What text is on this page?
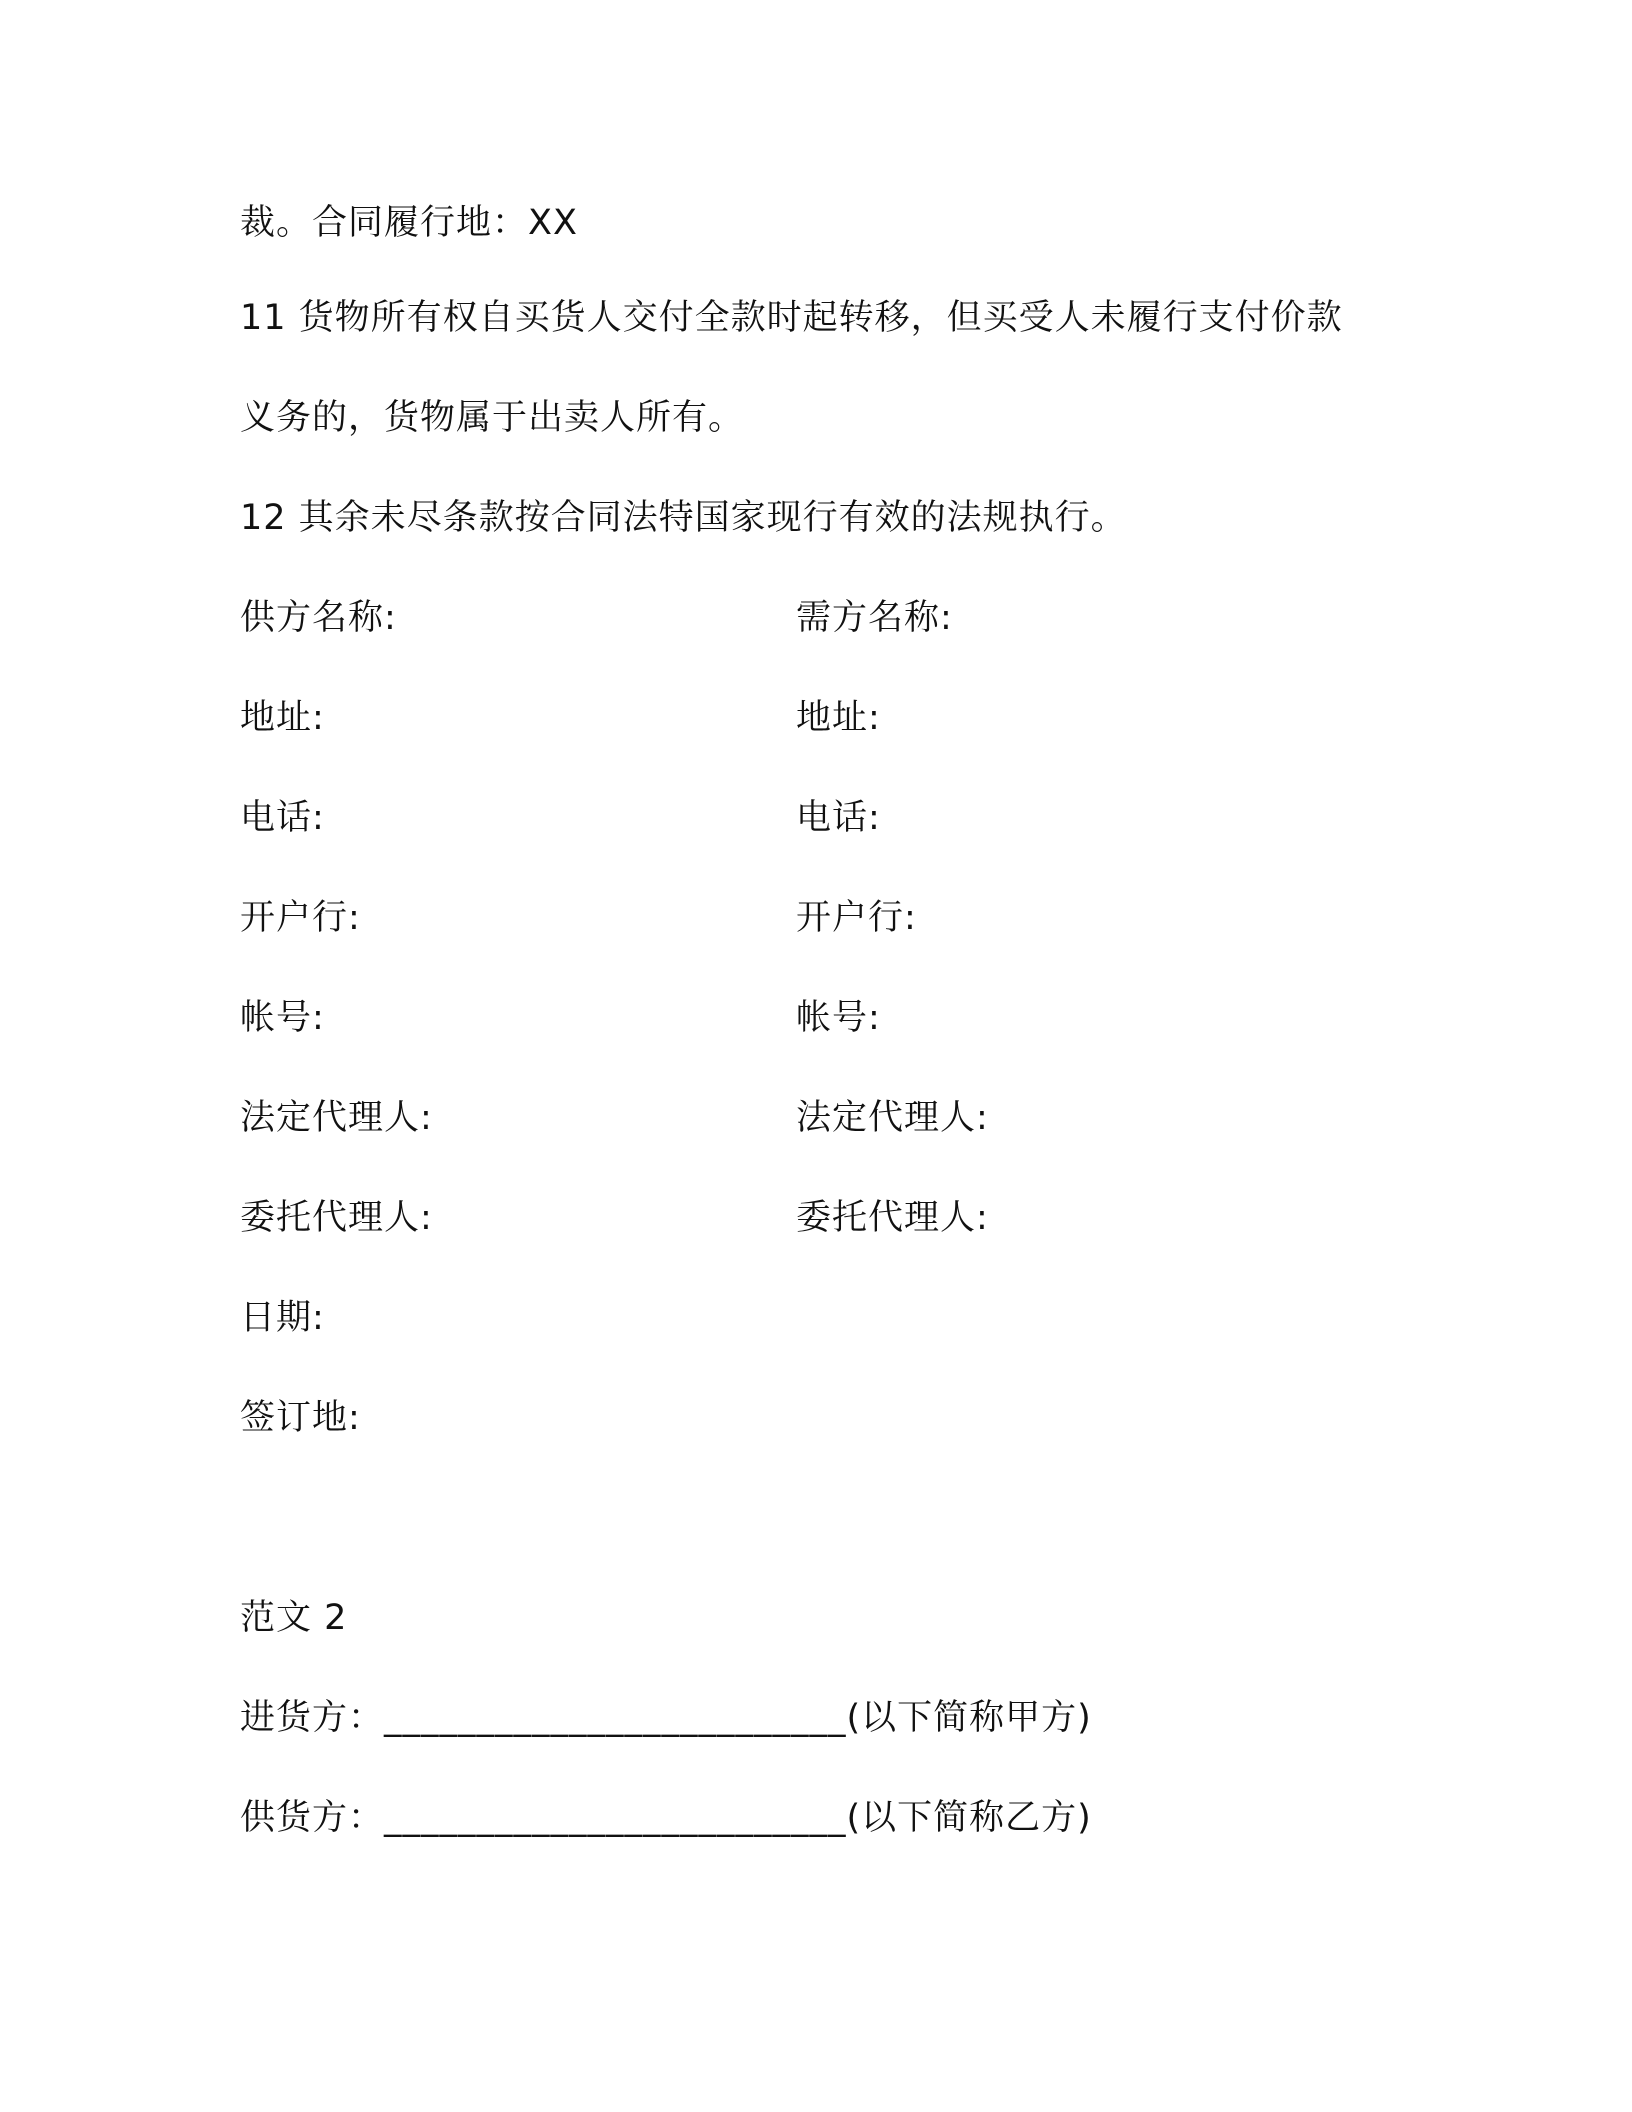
裁。合同履行地：XX
11 货物所有权自买货人交付全款时起转移，但买受人未履行支付价款
义务的，货物属于出卖人所有。
12 其余未尽条款按合同法特国家现行有效的法规执行。
供方名称:	需方名称:
地址:	地址:
电话:	电话:
开户行:	开户行:
帐号:	帐号:
法定代理人:	法定代理人:
委托代理人:	委托代理人:
日期:
签订地:
范文 2
进货方：_________________________(以下简称甲方)
供货方：_________________________(以下简称乙方)
